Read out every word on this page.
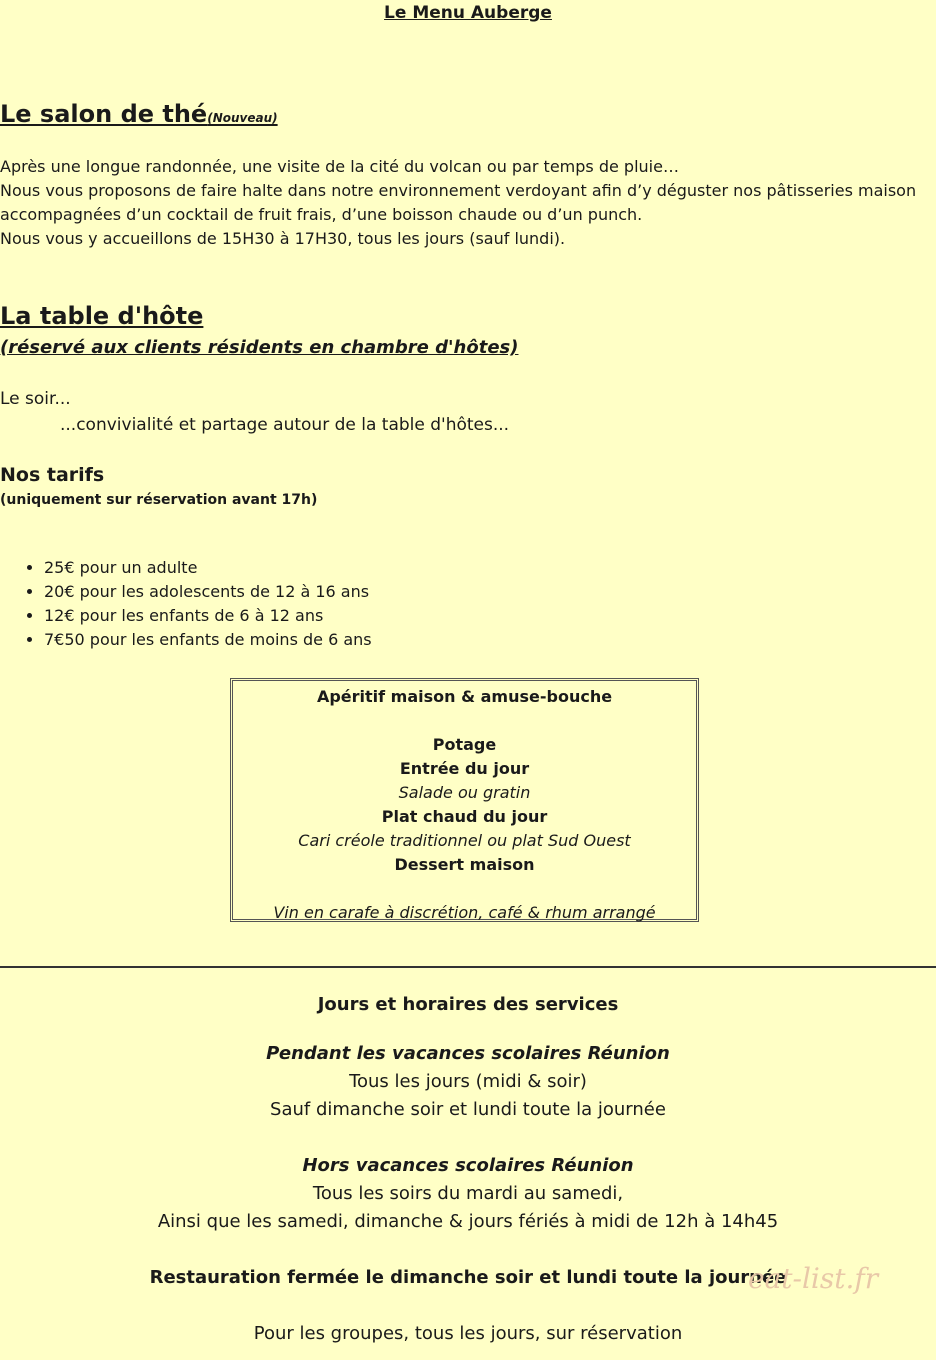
Le Menu Auberge
Le salon de thé(Nouveau)
Après une longue randonnée, une visite de la cité du volcan ou par temps de pluie…
Nous vous proposons de faire halte dans notre environnement verdoyant afin d’y déguster nos pâtisseries maison
accompagnées d’un cocktail de fruit frais, d’une boisson chaude ou d’un punch.
Nous vous y accueillons de 15H30 à 17H30, tous les jours (sauf lundi).
La table d'hôte
(réservé aux clients résidents en chambre d'hôtes)
Le soir...
...convivialité et partage autour de la table d'hôtes...
Nos tarifs
(uniquement sur réservation avant 17h)
• 25€ pour un adulte
• 20€ pour les adolescents de 12 à 16 ans
• 12€ pour les enfants de 6 à 12 ans
• 7€50 pour les enfants de moins de 6 ans
Apéritif maison & amuse-bouche
Potage
Entrée du jour
Salade ou gratin
Plat chaud du jour
Cari créole traditionnel ou plat Sud Ouest
Dessert maison
Vin en carafe à discrétion, café & rhum arrangé
Jours et horaires des services
Pendant les vacances scolaires Réunion
Tous les jours (midi & soir)
Sauf dimanche soir et lundi toute la journée
Hors vacances scolaires Réunion
Tous les soirs du mardi au samedi,
Ainsi que les samedi, dimanche & jours fériés à midi de 12h à 14h45
Restauration fermée le dimanche soir et lundi toute la journée
Pour les groupes, tous les jours, sur réservation
eat-list.fr
